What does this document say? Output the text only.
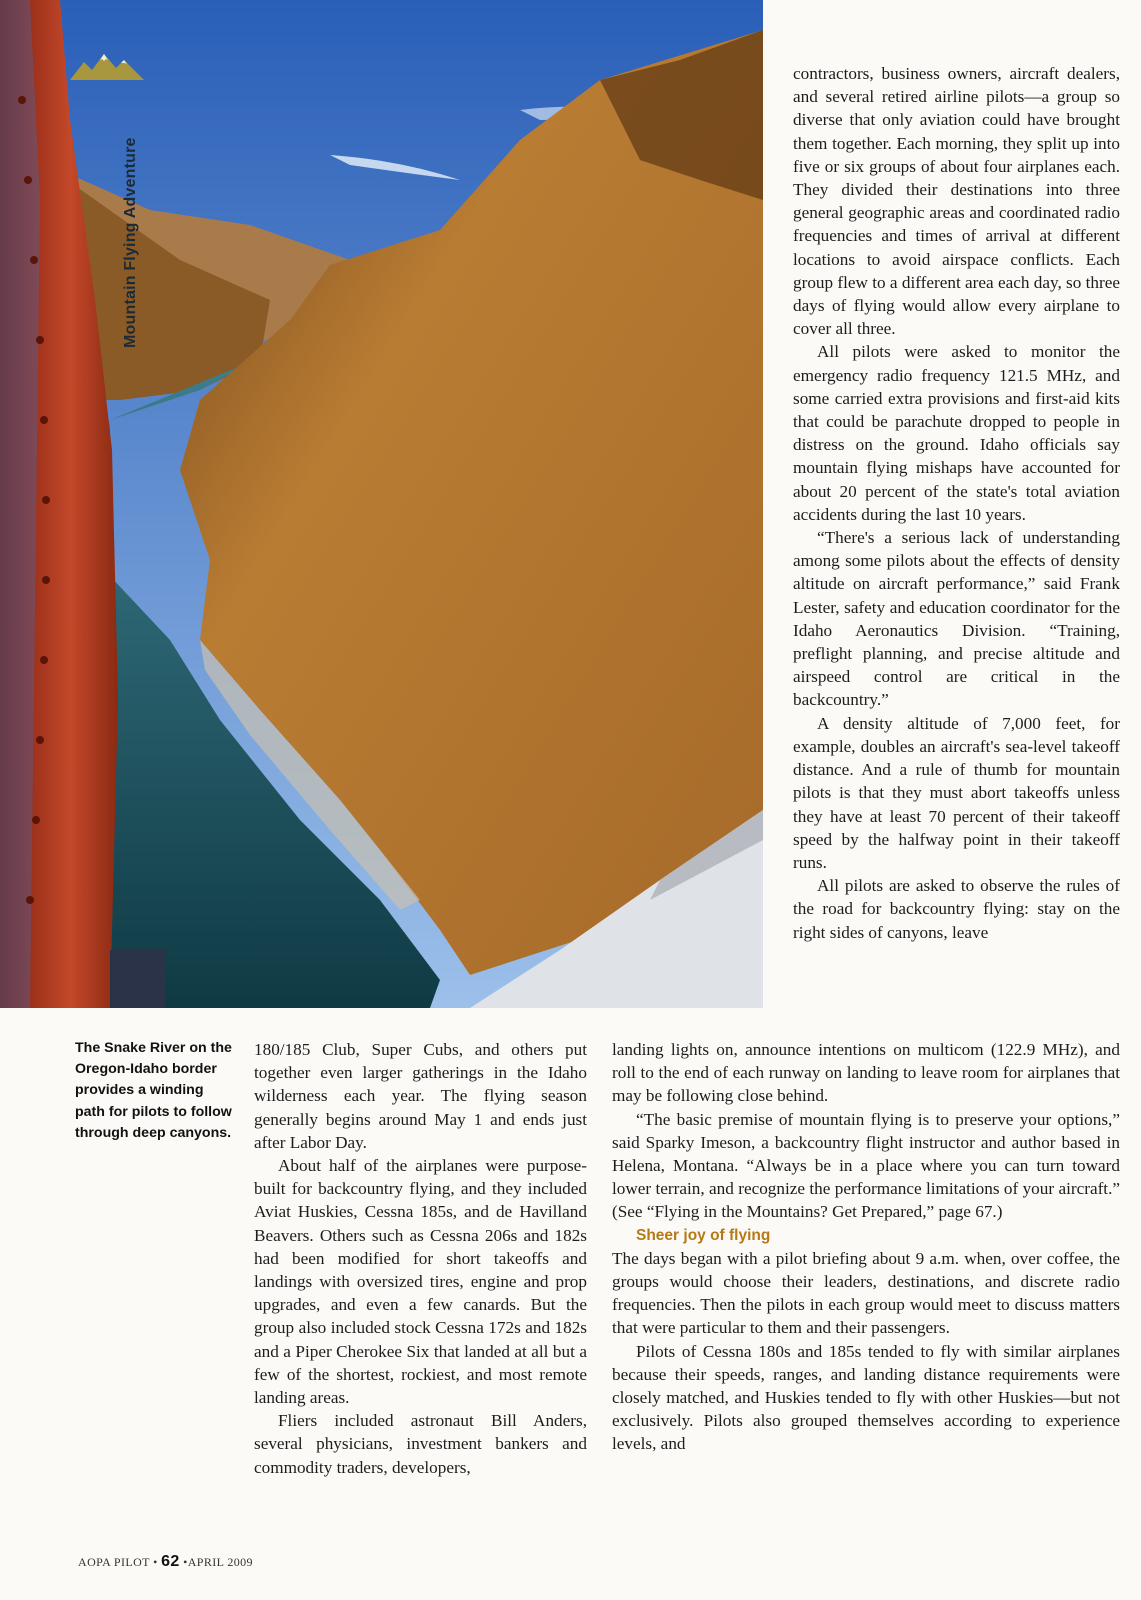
Mountain Flying Adventure

contractors, business owners, aircraft dealers, and several retired airline pilots—a group so diverse that only aviation could have brought them together. Each morning, they split up into five or six groups of about four airplanes each. They divided their destinations into three general geographic areas and coordinated radio frequencies and times of arrival at different locations to avoid airspace conflicts. Each group flew to a different area each day, so three days of flying would allow every airplane to cover all three.

All pilots were asked to monitor the emergency radio frequency 121.5 MHz, and some carried extra provisions and first-aid kits that could be parachute dropped to people in distress on the ground. Idaho officials say mountain flying mishaps have accounted for about 20 percent of the state's total aviation accidents during the last 10 years.

“There's a serious lack of understanding among some pilots about the effects of density altitude on aircraft performance,” said Frank Lester, safety and education coordinator for the Idaho Aeronautics Division. “Training, preflight planning, and precise altitude and airspeed control are critical in the backcountry.”

A density altitude of 7,000 feet, for example, doubles an aircraft's sea-level takeoff distance. And a rule of thumb for mountain pilots is that they must abort takeoffs unless they have at least 70 percent of their takeoff speed by the halfway point in their takeoff runs.

All pilots are asked to observe the rules of the road for backcountry flying: stay on the right sides of canyons, leave

The Snake River on the Oregon-Idaho border provides a winding path for pilots to follow through deep canyons.

180/185 Club, Super Cubs, and others put together even larger gatherings in the Idaho wilderness each year. The flying season generally begins around May 1 and ends just after Labor Day.

About half of the airplanes were purpose-built for backcountry flying, and they included Aviat Huskies, Cessna 185s, and de Havilland Beavers. Others such as Cessna 206s and 182s had been modified for short takeoffs and landings with oversized tires, engine and prop upgrades, and even a few canards. But the group also included stock Cessna 172s and 182s and a Piper Cherokee Six that landed at all but a few of the shortest, rockiest, and most remote landing areas.

Fliers included astronaut Bill Anders, several physicians, investment bankers and commodity traders, developers,

landing lights on, announce intentions on multicom (122.9 MHz), and roll to the end of each runway on landing to leave room for airplanes that may be following close behind.

“The basic premise of mountain flying is to preserve your options,” said Sparky Imeson, a backcountry flight instructor and author based in Helena, Montana. “Always be in a place where you can turn toward lower terrain, and recognize the performance limitations of your aircraft.” (See “Flying in the Mountains? Get Prepared,” page 67.)

Sheer joy of flying

The days began with a pilot briefing about 9 a.m. when, over coffee, the groups would choose their leaders, destinations, and discrete radio frequencies. Then the pilots in each group would meet to discuss matters that were particular to them and their passengers.

Pilots of Cessna 180s and 185s tended to fly with similar airplanes because their speeds, ranges, and landing distance requirements were closely matched, and Huskies tended to fly with other Huskies—but not exclusively. Pilots also grouped themselves according to experience levels, and

AOPA PILOT • 62 •APRIL 2009
